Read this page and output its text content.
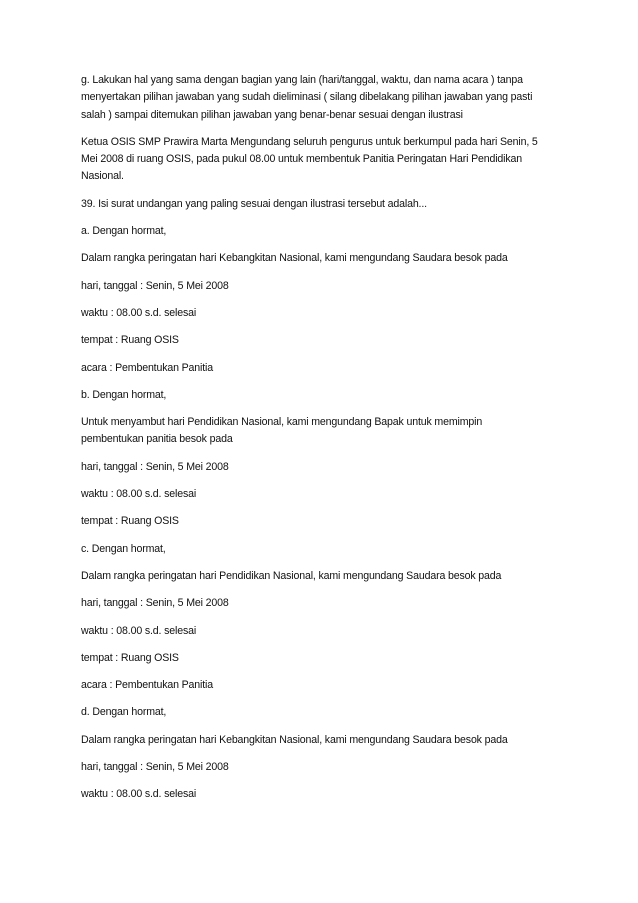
g. Lakukan hal yang sama dengan bagian yang lain (hari/tanggal, waktu, dan nama acara ) tanpa
menyertakan pilihan jawaban yang sudah dieliminasi ( silang dibelakang pilihan jawaban yang pasti
salah ) sampai ditemukan pilihan jawaban yang benar-benar sesuai dengan ilustrasi

Ketua OSIS SMP Prawira Marta Mengundang seluruh pengurus untuk berkumpul pada hari Senin, 5
Mei 2008 di ruang OSIS, pada pukul 08.00 untuk membentuk Panitia Peringatan Hari Pendidikan
Nasional.

39. Isi surat undangan yang paling sesuai dengan ilustrasi tersebut adalah...

a. Dengan hormat,

Dalam rangka peringatan hari Kebangkitan Nasional, kami mengundang Saudara besok pada

hari, tanggal : Senin, 5 Mei 2008

waktu : 08.00 s.d. selesai

tempat : Ruang OSIS

acara : Pembentukan Panitia

b. Dengan hormat,

Untuk menyambut hari Pendidikan Nasional, kami mengundang Bapak untuk memimpin
pembentukan panitia besok pada

hari, tanggal : Senin, 5 Mei 2008

waktu : 08.00 s.d. selesai

tempat : Ruang OSIS

c. Dengan hormat,

Dalam rangka peringatan hari Pendidikan Nasional, kami mengundang Saudara besok pada

hari, tanggal : Senin, 5 Mei 2008

waktu : 08.00 s.d. selesai

tempat : Ruang OSIS

acara : Pembentukan Panitia

d. Dengan hormat,

Dalam rangka peringatan hari Kebangkitan Nasional, kami mengundang Saudara besok pada

hari, tanggal : Senin, 5 Mei 2008

waktu : 08.00 s.d. selesai
